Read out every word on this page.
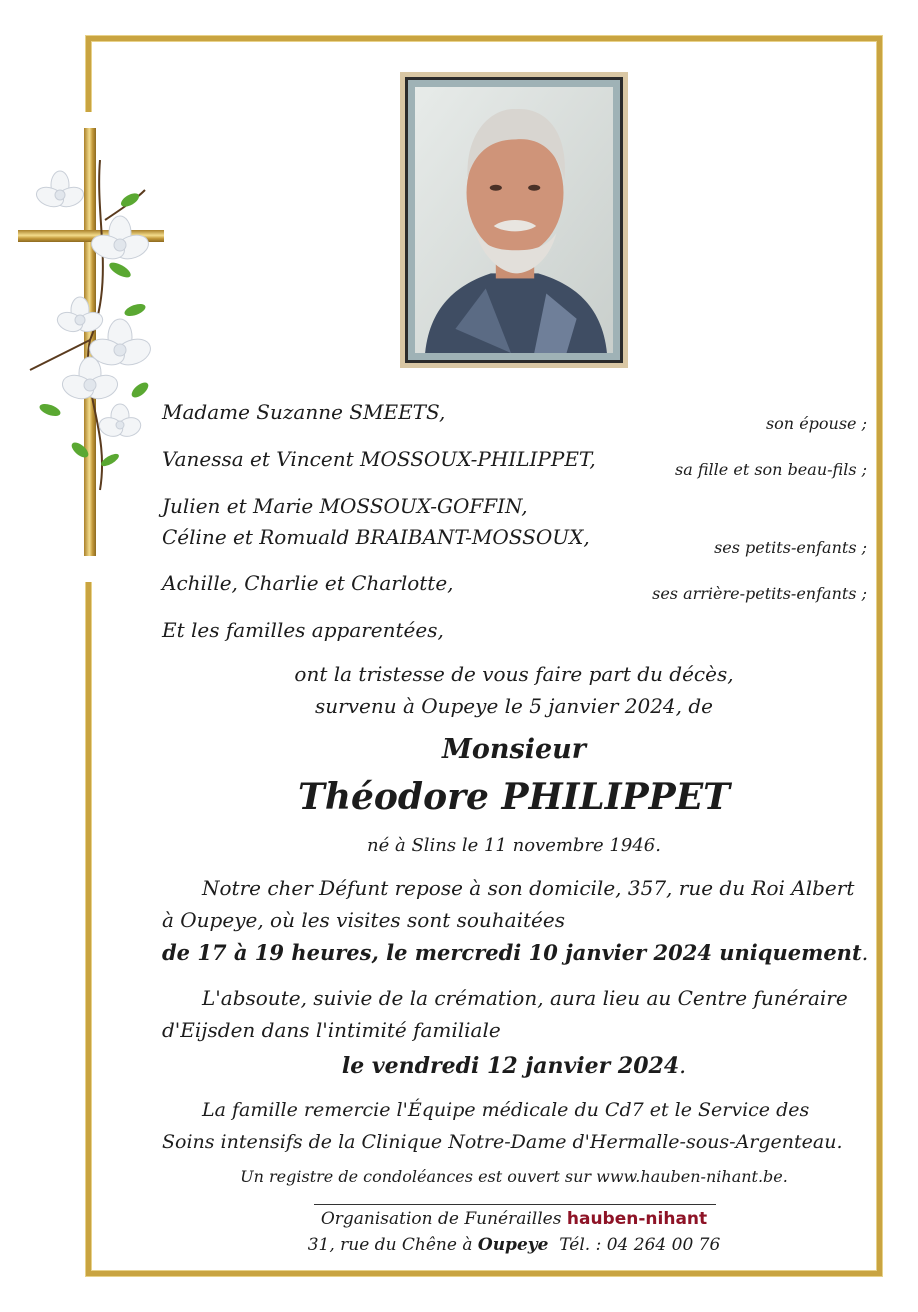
Madame Suzanne SMEETS,	son épouse ;
Vanessa et Vincent MOSSOUX-PHILIPPET,	sa fille et son beau-fils ;
Julien et Marie MOSSOUX-GOFFIN,
Céline et Romuald BRAIBANT-MOSSOUX,	ses petits-enfants ;
Achille, Charlie et Charlotte,	ses arrière-petits-enfants ;
Et les familles apparentées,
ont la tristesse de vous faire part du décès,
survenu à Oupeye le 5 janvier 2024, de
Monsieur
Théodore PHILIPPET
né à Slins le 11 novembre 1946.
Notre cher Défunt repose à son domicile, 357, rue du Roi Albert
à Oupeye, où les visites sont souhaitées
de 17 à 19 heures, le mercredi 10 janvier 2024 uniquement.
L'absoute, suivie de la crémation, aura lieu au Centre funéraire
d'Eijsden dans l'intimité familiale
le vendredi 12 janvier 2024.
La famille remercie l'Équipe médicale du Cd7 et le Service des
Soins intensifs de la Clinique Notre-Dame d'Hermalle-sous-Argenteau.
Un registre de condoléances est ouvert sur www.hauben-nihant.be.
Organisation de Funérailles hauben-nihant
31, rue du Chêne à Oupeye Tél. : 04 264 00 76
